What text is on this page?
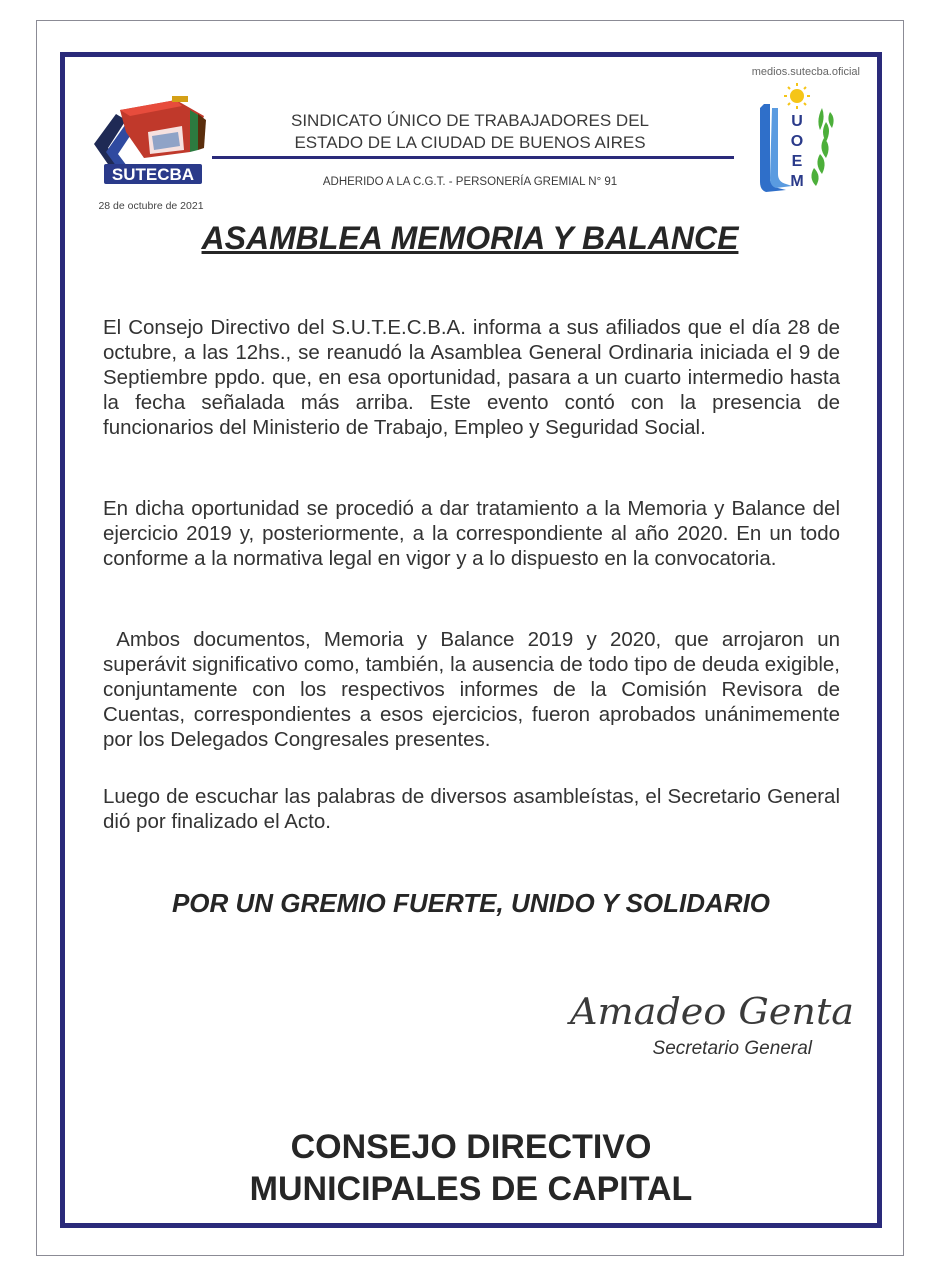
SUTECBA
28 de octubre de 2021
SINDICATO ÚNICO DE TRABAJADORES DEL
ESTADO DE LA CIUDAD DE BUENOS AIRES
ADHERIDO A LA C.G.T. - PERSONERÍA GREMIAL N° 91
medios.sutecba.oficial
U
O
E
M
ASAMBLEA MEMORIA Y BALANCE
El Consejo Directivo del S.U.T.E.C.B.A. informa a sus afiliados que el día 28 de octubre, a las 12hs., se reanudó la Asamblea General Ordinaria iniciada el 9 de Septiembre ppdo. que, en esa oportunidad, pasara a un cuarto intermedio hasta la fecha señalada más arriba. Este evento contó con la presencia de funcionarios del Ministerio de Trabajo, Empleo y Seguridad Social.
En dicha oportunidad se procedió a dar tratamiento a la Memoria y Balance del ejercicio 2019 y, posteriormente, a la correspondiente al año 2020. En un todo conforme a la normativa legal en vigor y a lo dispuesto en la convocatoria.
Ambos documentos, Memoria y Balance 2019 y 2020, que arrojaron un superávit significativo como, también, la ausencia de todo tipo de deuda exigible, conjuntamente con los respectivos informes de la Comisión Revisora de Cuentas, correspondientes a esos ejercicios, fueron aprobados unánimemente por los Delegados Congresales presentes.
Luego de escuchar las palabras de diversos asambleístas, el Secretario General dió por finalizado el Acto.
POR UN GREMIO FUERTE, UNIDO Y SOLIDARIO
Amadeo Genta
Secretario General
CONSEJO DIRECTIVO
MUNICIPALES DE CAPITAL
